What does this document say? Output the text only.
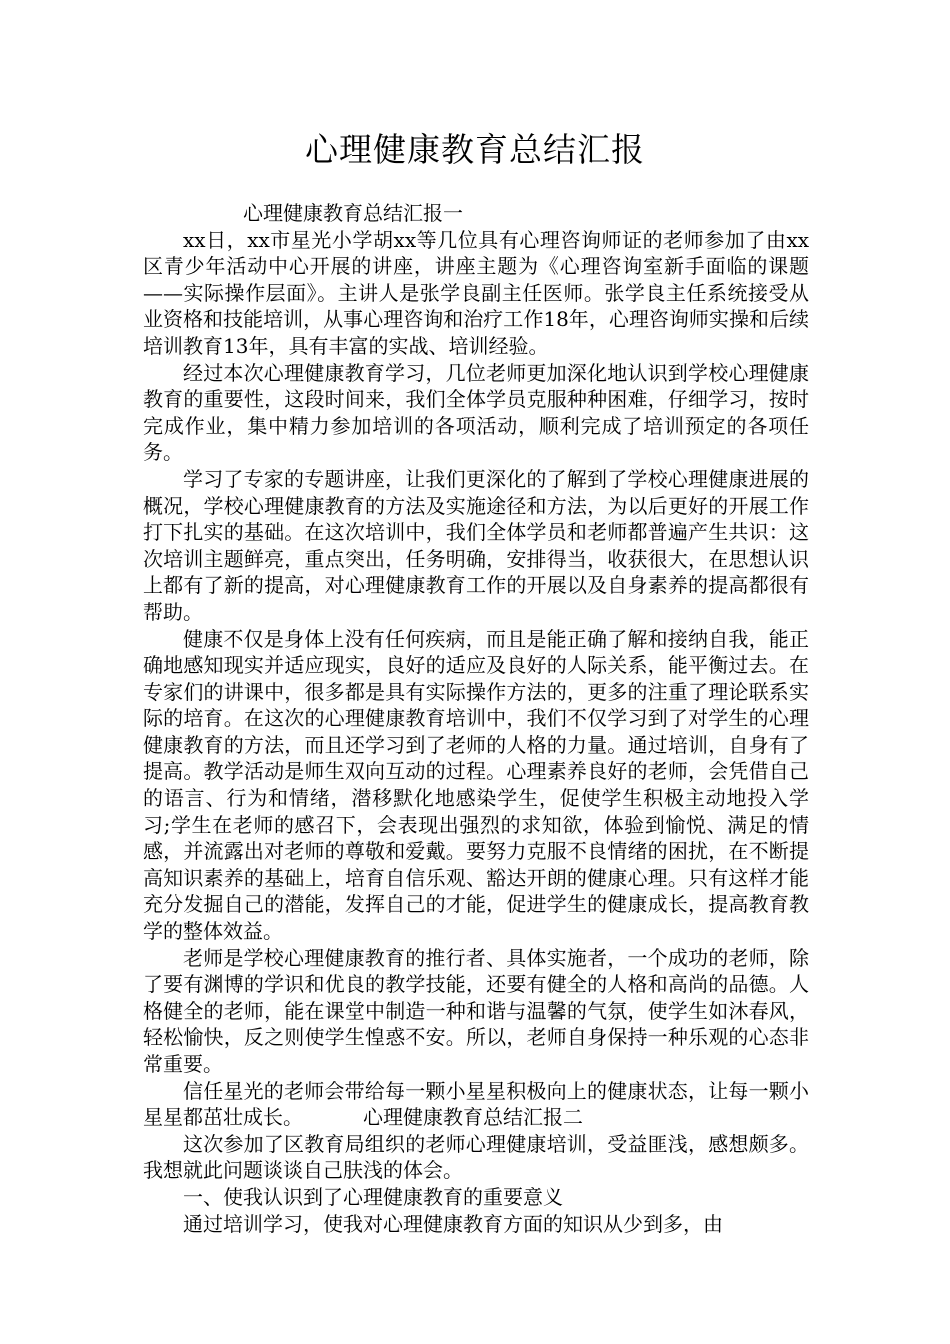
心理健康教育总结汇报

心理健康教育总结汇报一

xx日，xx市星光小学胡xx等几位具有心理咨询师证的老师参加了由xx区青少年活动中心开展的讲座，讲座主题为《心理咨询室新手面临的课题——实际操作层面》。主讲人是张学良副主任医师。张学良主任系统接受从业资格和技能培训，从事心理咨询和治疗工作18年，心理咨询师实操和后续培训教育13年，具有丰富的实战、培训经验。

经过本次心理健康教育学习，几位老师更加深化地认识到学校心理健康教育的重要性，这段时间来，我们全体学员克服种种困难，仔细学习，按时完成作业，集中精力参加培训的各项活动，顺利完成了培训预定的各项任务。

学习了专家的专题讲座，让我们更深化的了解到了学校心理健康进展的概况，学校心理健康教育的方法及实施途径和方法，为以后更好的开展工作打下扎实的基础。在这次培训中，我们全体学员和老师都普遍产生共识：这次培训主题鲜亮，重点突出，任务明确，安排得当，收获很大，在思想认识上都有了新的提高，对心理健康教育工作的开展以及自身素养的提高都很有帮助。

健康不仅是身体上没有任何疾病，而且是能正确了解和接纳自我，能正确地感知现实并适应现实，良好的适应及良好的人际关系，能平衡过去。在专家们的讲课中，很多都是具有实际操作方法的，更多的注重了理论联系实际的培育。在这次的心理健康教育培训中，我们不仅学习到了对学生的心理健康教育的方法，而且还学习到了老师的人格的力量。通过培训，自身有了提高。教学活动是师生双向互动的过程。心理素养良好的老师，会凭借自己的语言、行为和情绪，潜移默化地感染学生，促使学生积极主动地投入学习;学生在老师的感召下，会表现出强烈的求知欲，体验到愉悦、满足的情感，并流露出对老师的尊敬和爱戴。要努力克服不良情绪的困扰，在不断提高知识素养的基础上，培育自信乐观、豁达开朗的健康心理。只有这样才能充分发掘自己的潜能，发挥自己的才能，促进学生的健康成长，提高教育教学的整体效益。

老师是学校心理健康教育的推行者、具体实施者，一个成功的老师，除了要有渊博的学识和优良的教学技能，还要有健全的人格和高尚的品德。人格健全的老师，能在课堂中制造一种和谐与温馨的气氛，使学生如沐春风，轻松愉快，反之则使学生惶惑不安。所以，老师自身保持一种乐观的心态非常重要。

信任星光的老师会带给每一颗小星星积极向上的健康状态，让每一颗小星星都茁壮成长。	心理健康教育总结汇报二

这次参加了区教育局组织的老师心理健康培训，受益匪浅，感想颇多。我想就此问题谈谈自己肤浅的体会。

一、使我认识到了心理健康教育的重要意义

通过培训学习，使我对心理健康教育方面的知识从少到多，由
